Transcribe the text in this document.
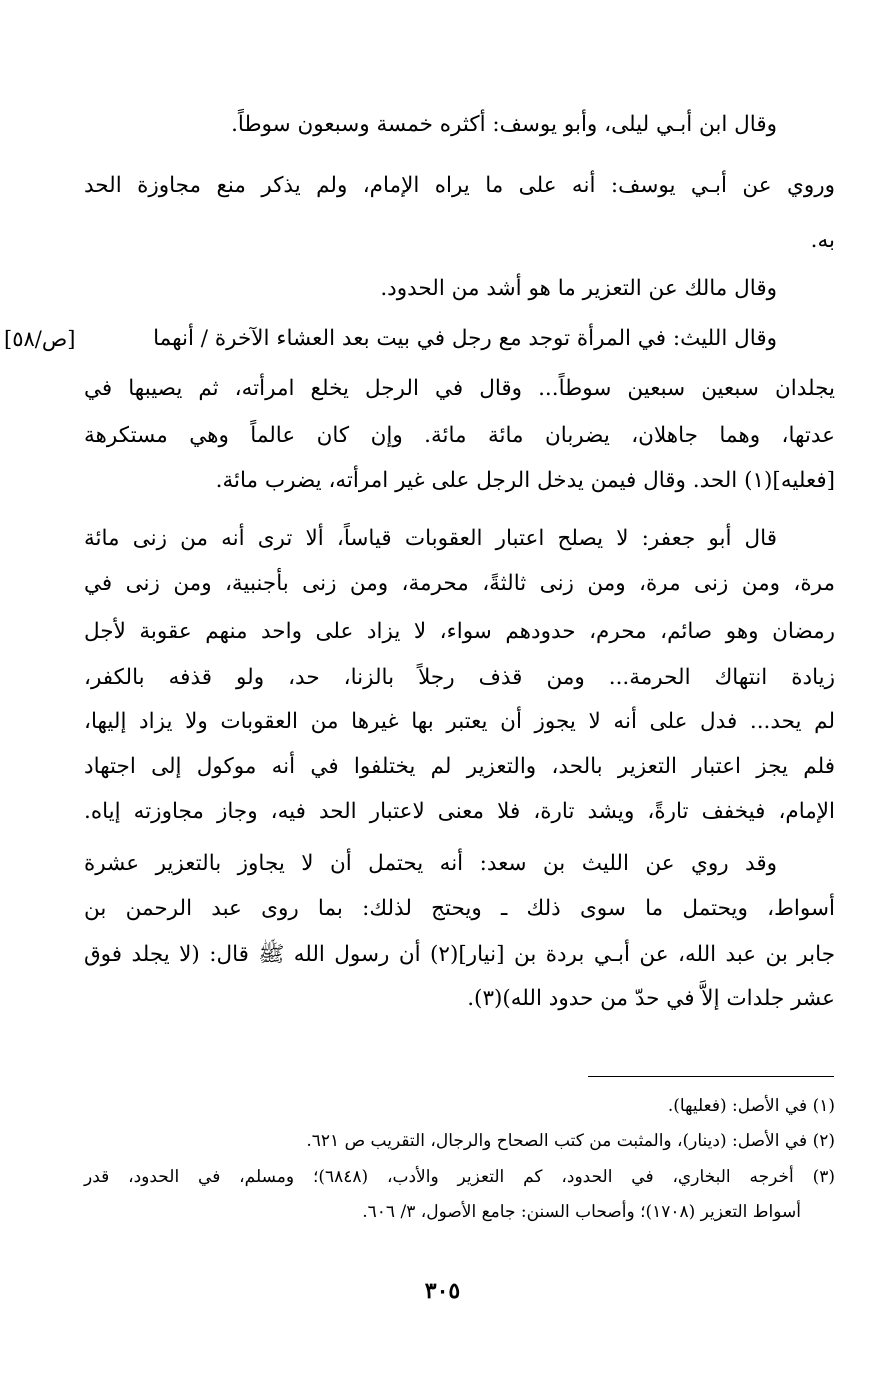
وقال ابن أبـي ليلى، وأبو يوسف: أكثره خمسة وسبعون سوطاً.
وروي عن أبـي يوسف: أنه على ما يراه الإمام، ولم يذكر منع مجاوزة الحد
به.
وقال مالك عن التعزير ما هو أشد من الحدود.
وقال الليث: في المرأة توجد مع رجل في بيت بعد العشاء الآخرة / أنهما
يجلدان سبعين سبعين سوطاً... وقال في الرجل يخلع امرأته، ثم يصيبها في
عدتها، وهما جاهلان، يضربان مائة مائة. وإن كان عالماً وهي مستكرهة
[فعليه](١) الحد. وقال فيمن يدخل الرجل على غير امرأته، يضرب مائة.
قال أبو جعفر: لا يصلح اعتبار العقوبات قياساً، ألا ترى أنه من زنى مائة
مرة، ومن زنى مرة، ومن زنى ثالثةً، محرمة، ومن زنى بأجنبية، ومن زنى في
رمضان وهو صائم، محرم، حدودهم سواء، لا يزاد على واحد منهم عقوبة لأجل
زيادة انتهاك الحرمة... ومن قذف رجلاً بالزنا، حد، ولو قذفه بالكفر،
لم يحد... فدل على أنه لا يجوز أن يعتبر بها غيرها من العقوبات ولا يزاد إليها،
فلم يجز اعتبار التعزير بالحد، والتعزير لم يختلفوا في أنه موكول إلى اجتهاد
الإمام، فيخفف تارةً، ويشد تارة، فلا معنى لاعتبار الحد فيه، وجاز مجاوزته إياه.
وقد روي عن الليث بن سعد: أنه يحتمل أن لا يجاوز بالتعزير عشرة
أسواط، ويحتمل ما سوى ذلك ـ ويحتج لذلك: بما روى عبد الرحمن بن
جابر بن عبد الله، عن أبـي بردة بن [نيار](٢) أن رسول الله ﷺ قال: (لا يجلد فوق
عشر جلدات إلاَّ في حدّ من حدود الله)(٣).
[ص/٥٨]
(١) في الأصل: (فعليها).
(٢) في الأصل: (دينار)، والمثبت من كتب الصحاح والرجال، التقريب ص ٦٢١.
(٣) أخرجه البخاري، في الحدود، كم التعزير والأدب، (٦٨٤٨)؛ ومسلم، في الحدود، قدر
أسواط التعزير (١٧٠٨)؛ وأصحاب السنن: جامع الأصول، ٣/ ٦٠٦.
٣٠٥
